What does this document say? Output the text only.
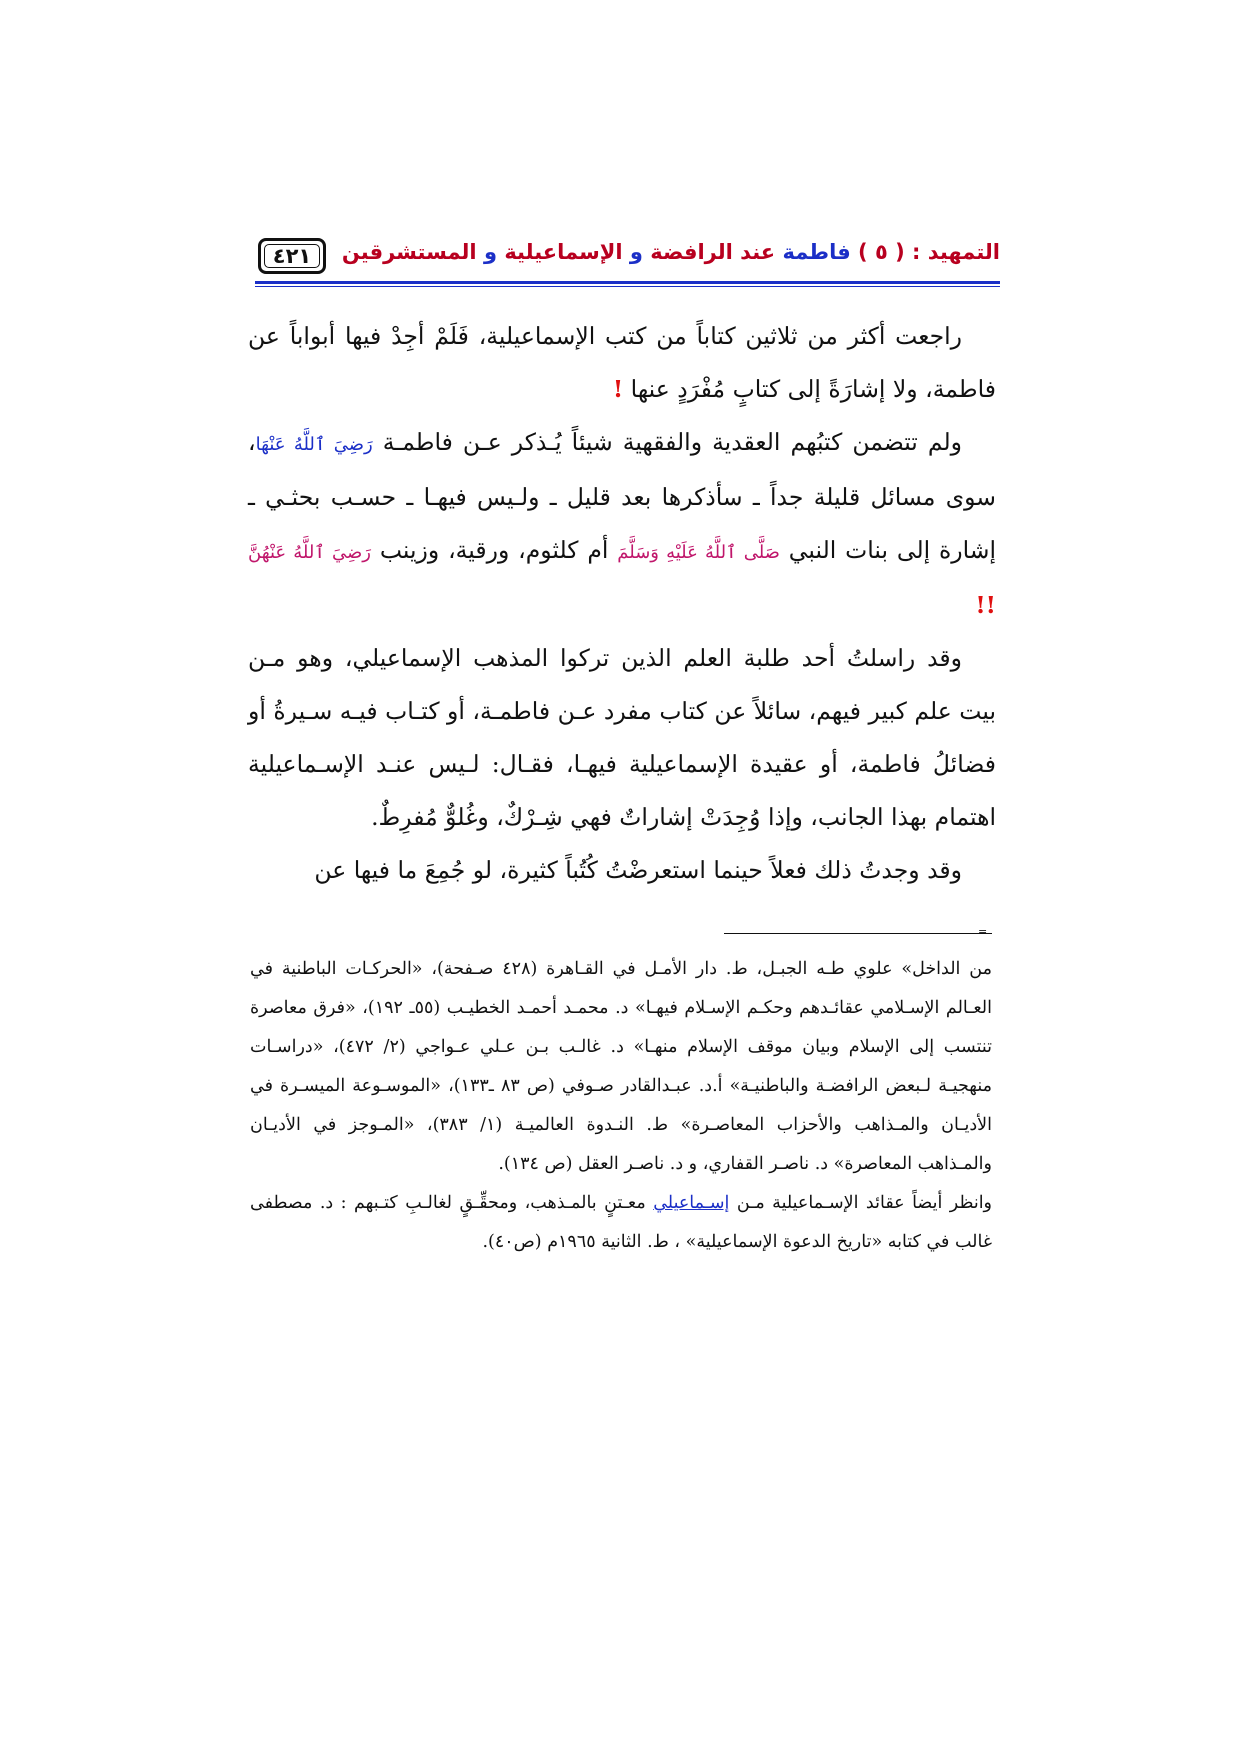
التمهيد : ( ٥ ) فاطمة عند الرافضة و الإسماعيلية و المستشرقين
٤٢١

راجعت أكثر من ثلاثين كتاباً من كتب الإسماعيلية، فَلَمْ أجِدْ فيها أبواباً عن فاطمة، ولا إشارَةً إلى كتابٍ مُفْرَدٍ عنها !

ولم تتضمن كتبُهم العقدية والفقهية شيئاً يُـذكر عـن فاطمـة رَضِيَ ٱللَّهُ عَنْهَا، سوى مسائل قليلة جداً ـ سأذكرها بعد قليل ـ ولـيس فيهـا ـ حسـب بحثـي ـ إشارة إلى بنات النبي صَلَّى ٱللَّهُ عَلَيْهِ وَسَلَّمَ أم كلثوم، ورقية، وزينب رَضِيَ ٱللَّهُ عَنْهُنَّ !!

وقد راسلتُ أحد طلبة العلم الذين تركوا المذهب الإسماعيلي، وهو مـن بيت علم كبير فيهم، سائلاً عن كتاب مفرد عـن فاطمـة، أو كتـاب فيـه سـيرةُ أو فضائلُ فاطمة، أو عقيدة الإسماعيلية فيهـا، فقـال: لـيس عنـد الإسـماعيلية اهتمام بهذا الجانب، وإذا وُجِدَتْ إشاراتٌ فهي شِـرْكٌ، وغُلوٌّ مُفرِطٌ.

وقد وجدتُ ذلك فعلاً حينما استعرضْتُ كُتُباً كثيرة، لو جُمِعَ ما فيها عن

=

من الداخل» علوي طـه الجبـل، ط. دار الأمـل في القـاهرة (٤٢٨ صـفحة)، «الحركـات الباطنية في العـالم الإسـلامي عقائـدهم وحكـم الإسـلام فيهـا» د. محمـد أحمـد الخطيـب (٥٥ـ ١٩٢)، «فرق معاصرة تنتسب إلى الإسلام وبيان موقف الإسلام منهـا» د. غالـب بـن عـلي عـواجي (٢/ ٤٧٢)، «دراسـات منهجيـة لـبعض الرافضـة والباطنيـة» أ.د. عبـدالقادر صـوفي (ص ٨٣ ـ١٣٣)، «الموسـوعة الميسـرة في الأديـان والمـذاهب والأحزاب المعاصـرة» ط. النـدوة العالميـة (١/ ٣٨٣)، «المـوجز في الأديـان والمـذاهب المعاصرة» د. ناصـر القفاري، و د. ناصـر العقل (ص ١٣٤).

وانظر أيضاً عقائد الإسـماعيلية مـن إسـماعيلي معـتنٍ بالمـذهب، ومحقِّـقٍ لغالـبِ كتـبهم : د. مصطفى غالب في كتابه «تاريخ الدعوة الإسماعيلية» ، ط. الثانية ١٩٦٥م (ص٤٠).
